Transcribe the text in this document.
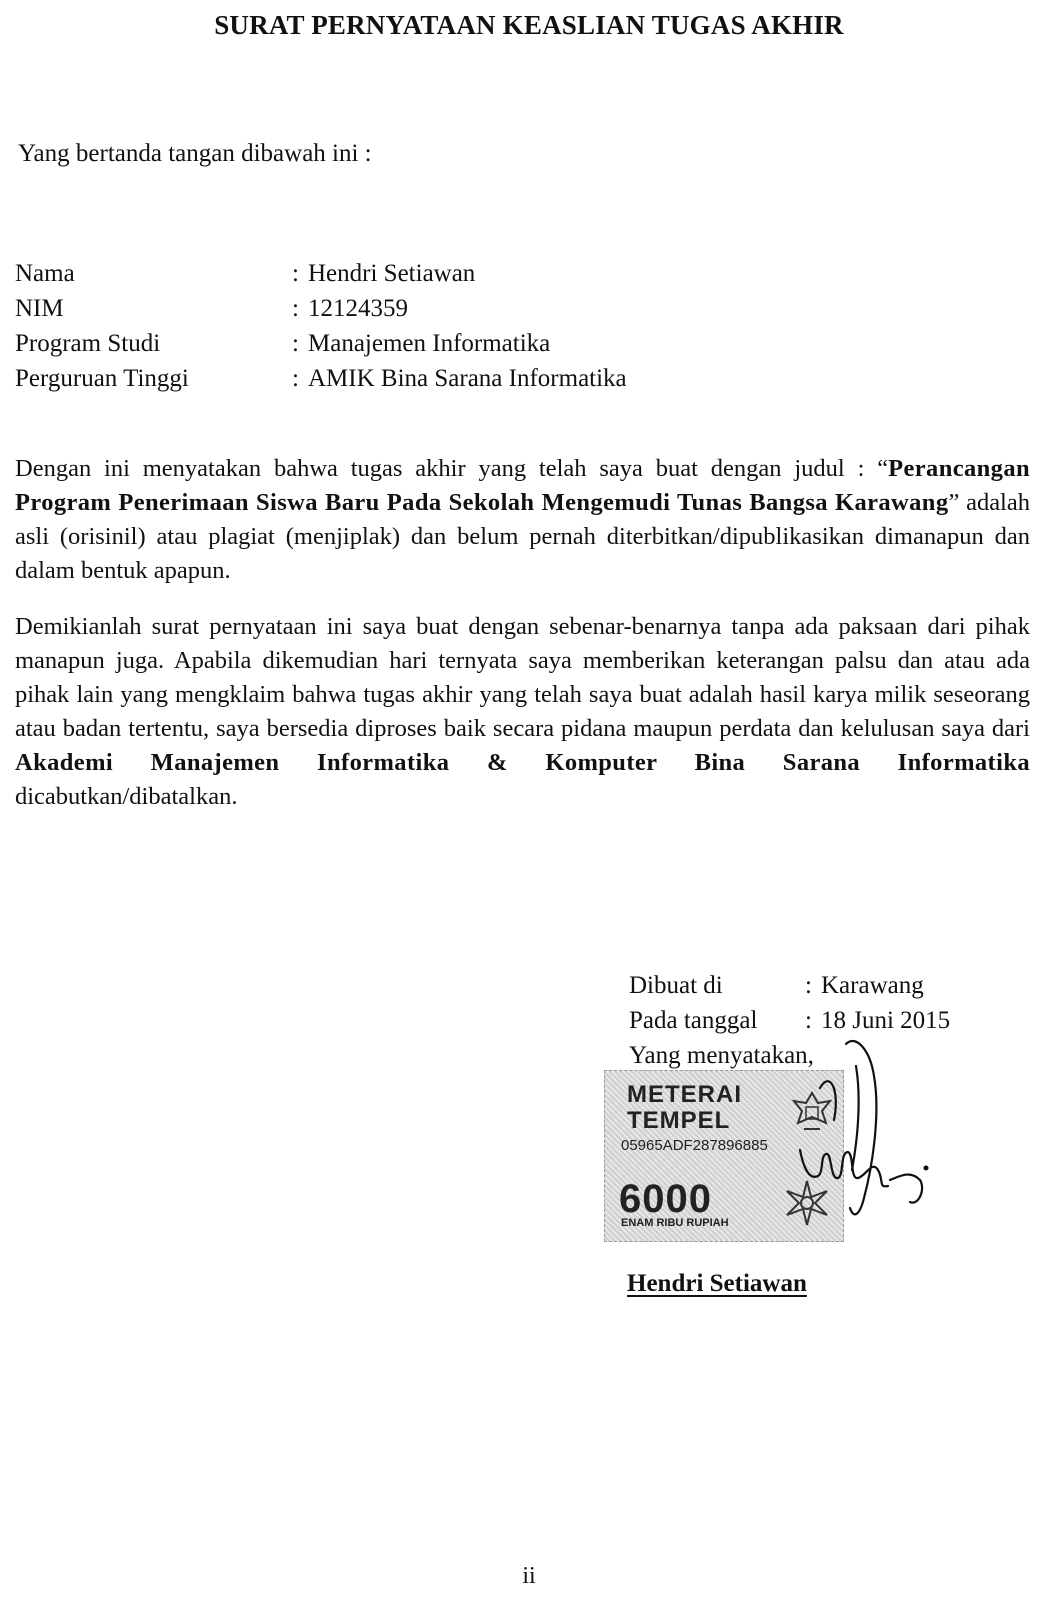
SURAT PERNYATAAN KEASLIAN TUGAS AKHIR
Yang bertanda tangan dibawah ini :
Nama	: Hendri Setiawan
NIM	: 12124359
Program Studi	: Manajemen Informatika
Perguruan Tinggi	: AMIK Bina Sarana Informatika
Dengan ini menyatakan bahwa tugas akhir yang telah saya buat dengan judul : “Perancangan Program Penerimaan Siswa Baru Pada Sekolah Mengemudi Tunas Bangsa Karawang” adalah asli (orisinil) atau plagiat (menjiplak) dan belum pernah diterbitkan/dipublikasikan dimanapun dan dalam bentuk apapun.
Demikianlah surat pernyataan ini saya buat dengan sebenar-benarnya tanpa ada paksaan dari pihak manapun juga. Apabila dikemudian hari ternyata saya memberikan keterangan palsu dan atau ada pihak lain yang mengklaim bahwa tugas akhir yang telah saya buat adalah hasil karya milik seseorang atau badan tertentu, saya bersedia diproses baik secara pidana maupun perdata dan kelulusan saya dari Akademi Manajemen Informatika & Komputer Bina Sarana Informatika dicabutkan/dibatalkan.
Dibuat di	: Karawang
Pada tanggal	: 18 Juni 2015
Yang menyatakan,
METERAI
TEMPEL
05965ADF287896885
6000
ENAM RIBU RUPIAH
Hendri Setiawan
ii
